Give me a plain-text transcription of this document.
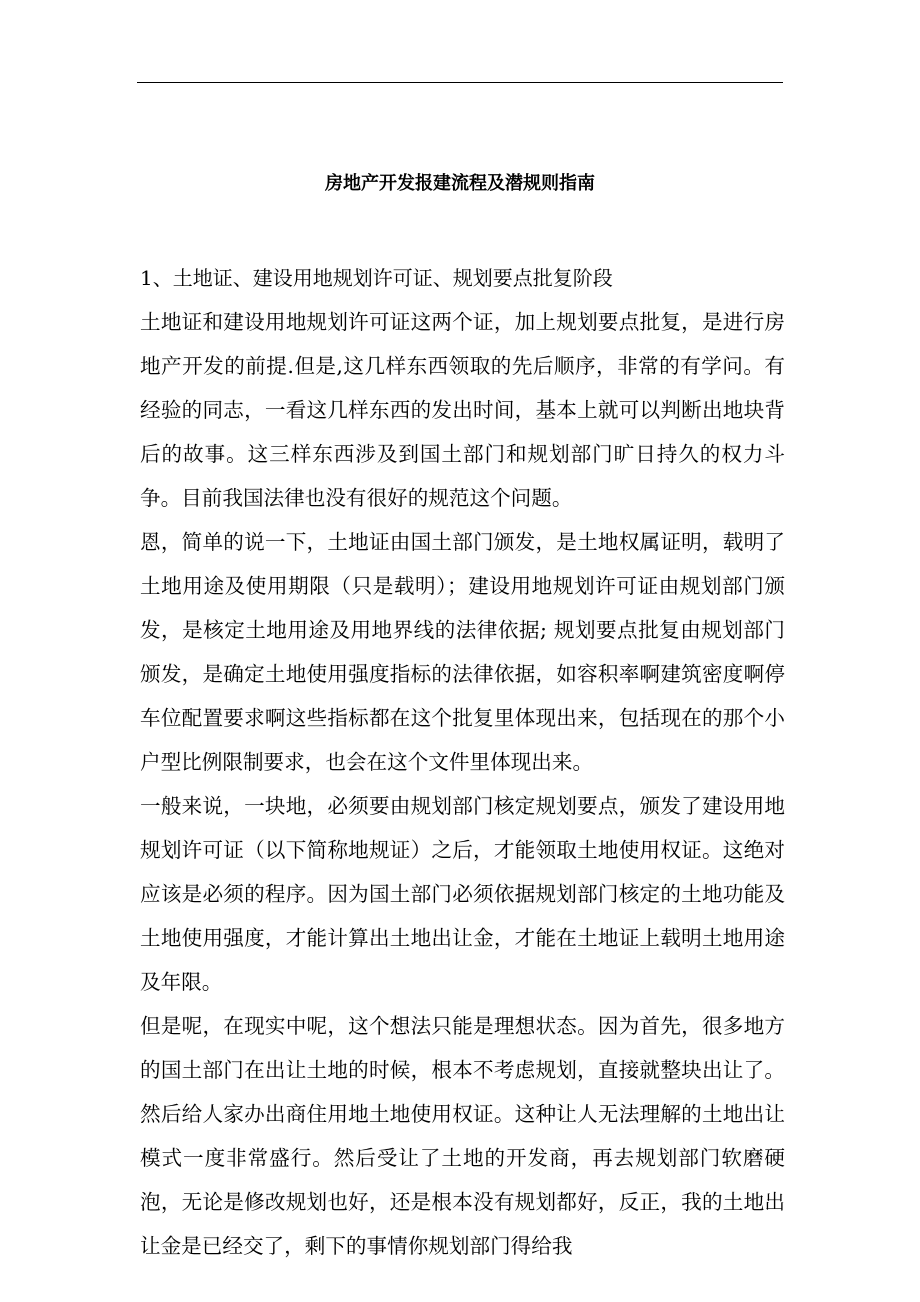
房地产开发报建流程及潜规则指南

1、土地证、建设用地规划许可证、规划要点批复阶段

土地证和建设用地规划许可证这两个证，加上规划要点批复，是进行房地产开发的前提.但是,这几样东西领取的先后顺序，非常的有学问。有经验的同志，一看这几样东西的发出时间，基本上就可以判断出地块背后的故事。这三样东西涉及到国土部门和规划部门旷日持久的权力斗争。目前我国法律也没有很好的规范这个问题。

恩，简单的说一下，土地证由国土部门颁发，是土地权属证明，载明了土地用途及使用期限（只是载明）；建设用地规划许可证由规划部门颁发，是核定土地用途及用地界线的法律依据; 规划要点批复由规划部门颁发，是确定土地使用强度指标的法律依据，如容积率啊建筑密度啊停车位配置要求啊这些指标都在这个批复里体现出来，包括现在的那个小户型比例限制要求，也会在这个文件里体现出来。

一般来说，一块地，必须要由规划部门核定规划要点，颁发了建设用地规划许可证（以下简称地规证）之后，才能领取土地使用权证。这绝对应该是必须的程序。因为国土部门必须依据规划部门核定的土地功能及土地使用强度，才能计算出土地出让金，才能在土地证上载明土地用途及年限。

但是呢，在现实中呢，这个想法只能是理想状态。因为首先，很多地方的国土部门在出让土地的时候，根本不考虑规划，直接就整块出让了。然后给人家办出商住用地土地使用权证。这种让人无法理解的土地出让模式一度非常盛行。然后受让了土地的开发商，再去规划部门软磨硬泡，无论是修改规划也好，还是根本没有规划都好，反正，我的土地出让金是已经交了，剩下的事情你规划部门得给我
